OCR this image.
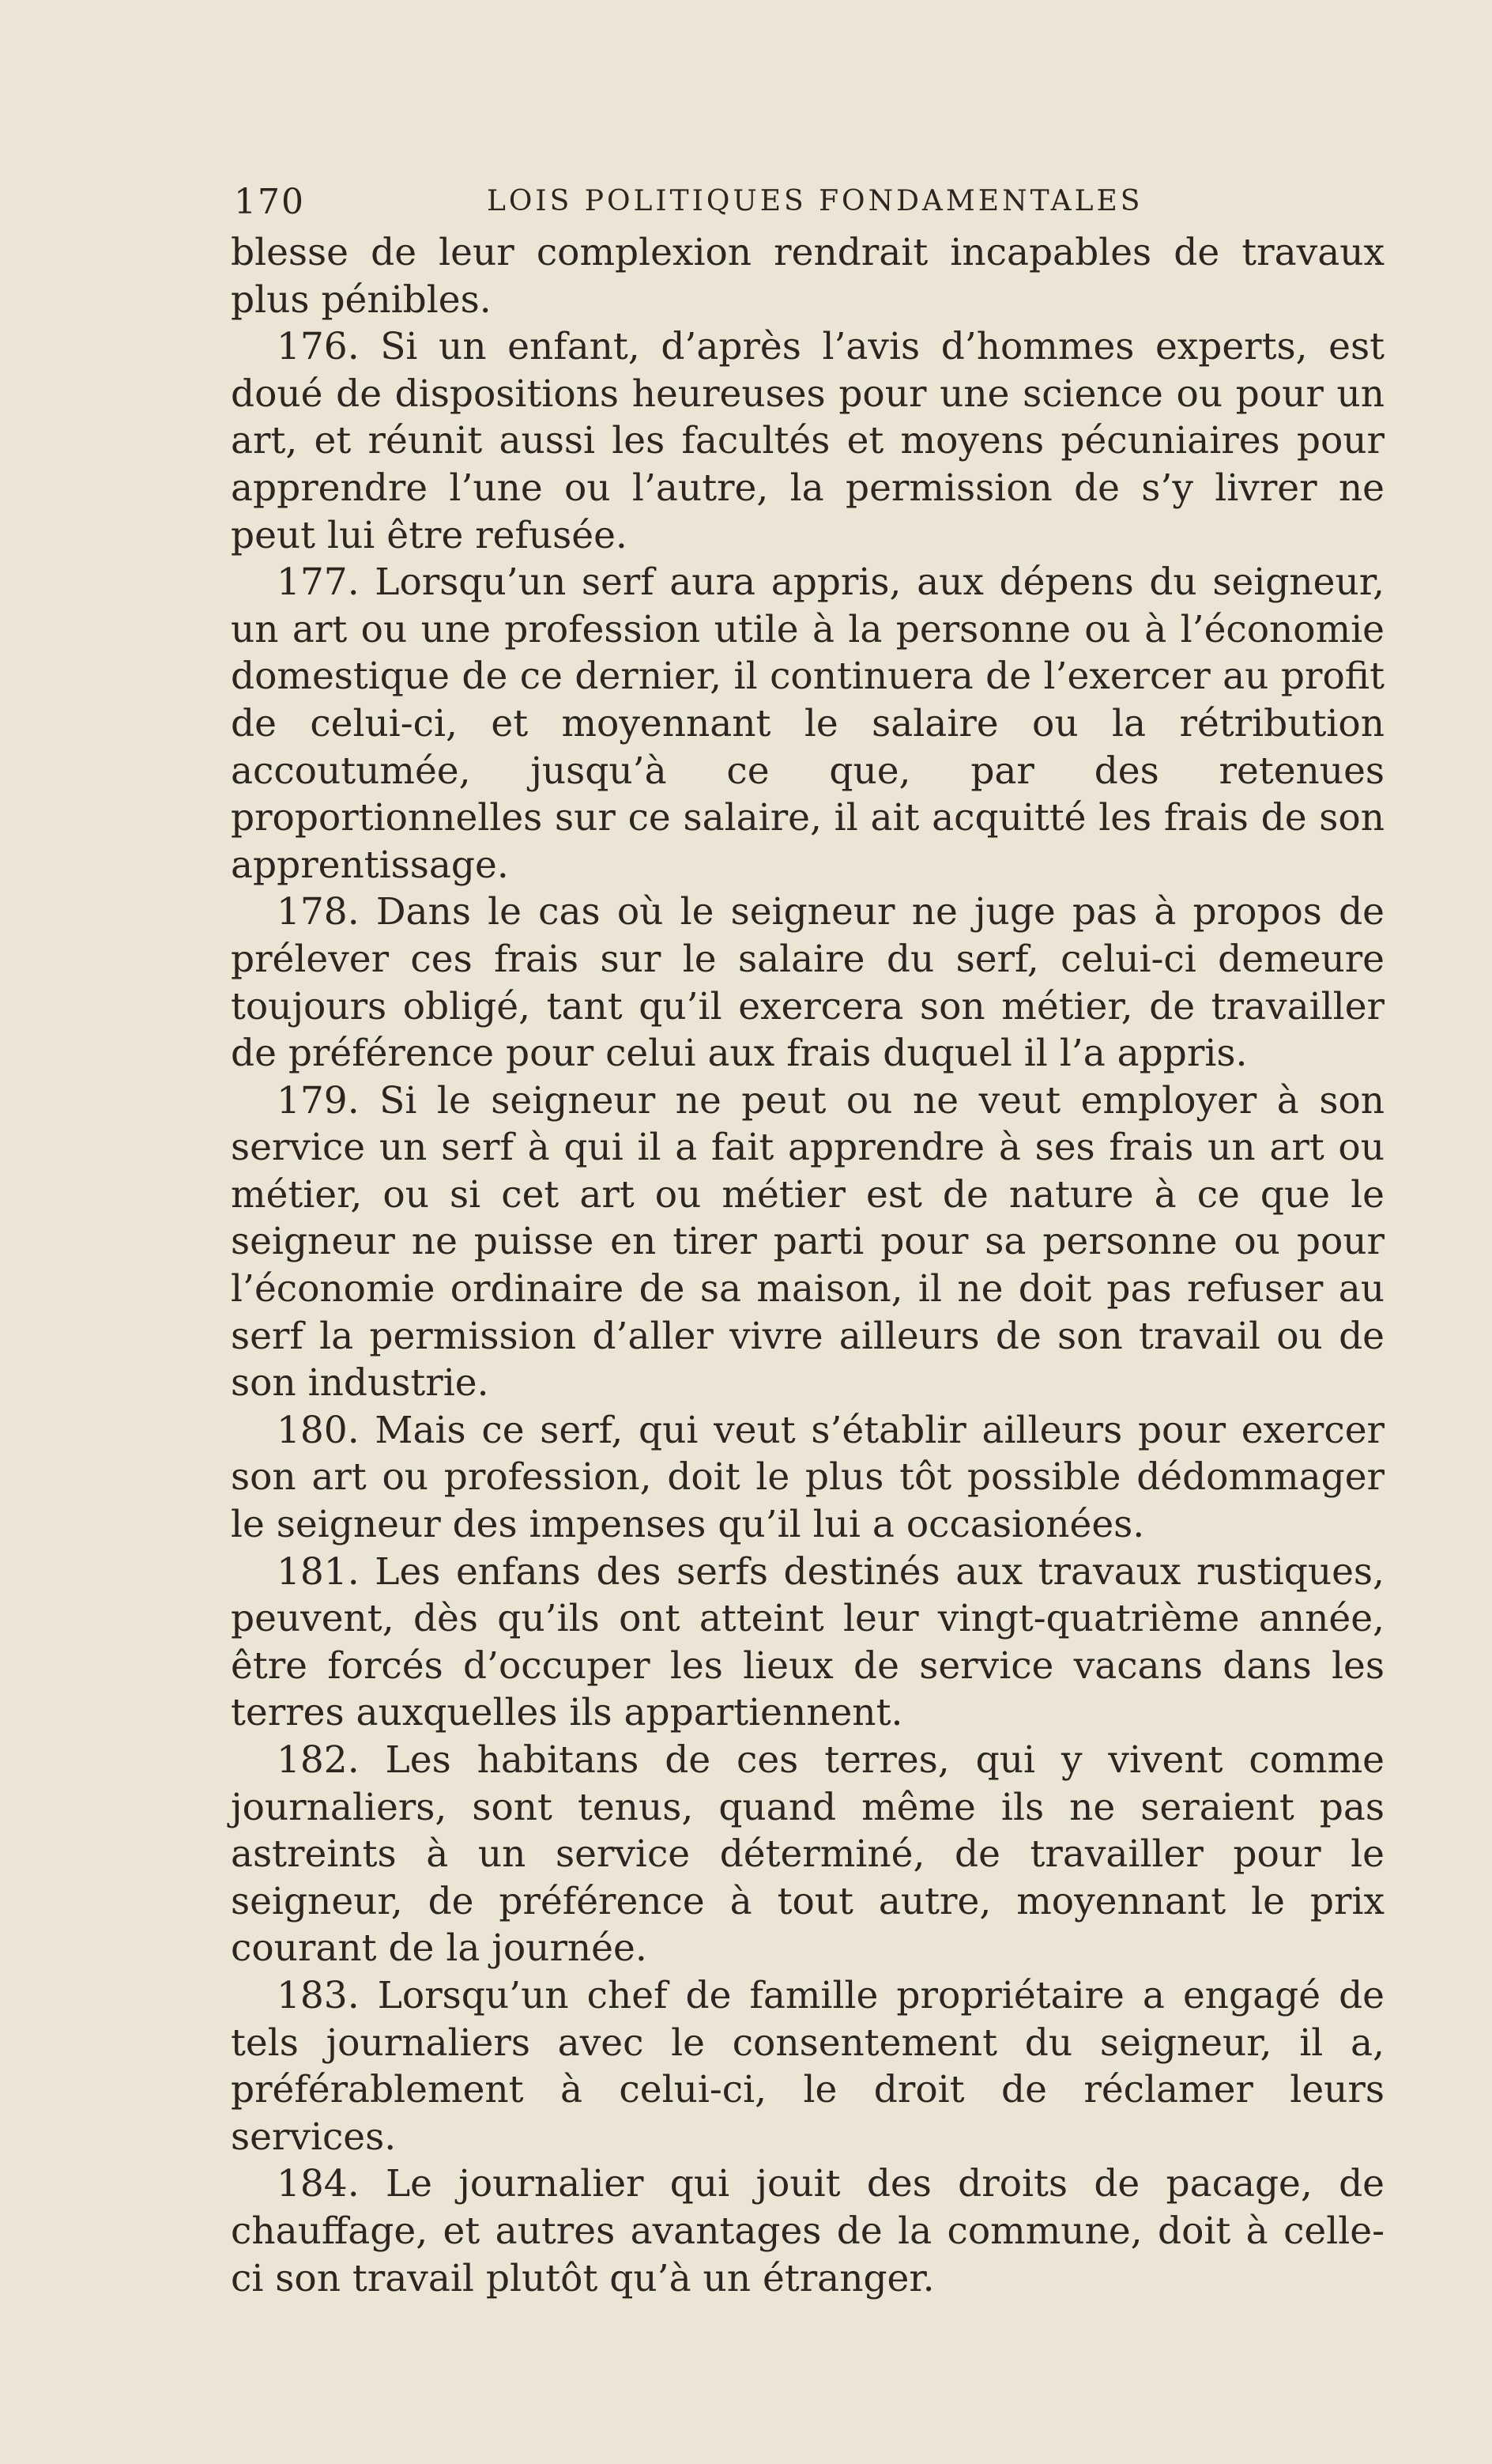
170	LOIS POLITIQUES FONDAMENTALES

blesse de leur complexion rendrait incapables de travaux plus pénibles.

176. Si un enfant, d’après l’avis d’hommes experts, est doué de dispositions heureuses pour une science ou pour un art, et réunit aussi les facultés et moyens pécuniaires pour apprendre l’une ou l’autre, la permission de s’y livrer ne peut lui être refusée.

177. Lorsqu’un serf aura appris, aux dépens du seigneur, un art ou une profession utile à la personne ou à l’économie domestique de ce dernier, il continuera de l’exercer au profit de celui-ci, et moyennant le salaire ou la rétribution accoutumée, jusqu’à ce que, par des retenues proportionnelles sur ce salaire, il ait acquitté les frais de son apprentissage.

178. Dans le cas où le seigneur ne juge pas à propos de prélever ces frais sur le salaire du serf, celui-ci demeure toujours obligé, tant qu’il exercera son métier, de travailler de préférence pour celui aux frais duquel il l’a appris.

179. Si le seigneur ne peut ou ne veut employer à son service un serf à qui il a fait apprendre à ses frais un art ou métier, ou si cet art ou métier est de nature à ce que le seigneur ne puisse en tirer parti pour sa personne ou pour l’économie ordinaire de sa maison, il ne doit pas refuser au serf la permission d’aller vivre ailleurs de son travail ou de son industrie.

180. Mais ce serf, qui veut s’établir ailleurs pour exercer son art ou profession, doit le plus tôt possible dédommager le seigneur des impenses qu’il lui a occasionées.

181. Les enfans des serfs destinés aux travaux rustiques, peuvent, dès qu’ils ont atteint leur vingt-quatrième année, être forcés d’occuper les lieux de service vacans dans les terres auxquelles ils appartiennent.

182. Les habitans de ces terres, qui y vivent comme journaliers, sont tenus, quand même ils ne seraient pas astreints à un service déterminé, de travailler pour le seigneur, de préférence à tout autre, moyennant le prix courant de la journée.

183. Lorsqu’un chef de famille propriétaire a engagé de tels journaliers avec le consentement du seigneur, il a, préférablement à celui-ci, le droit de réclamer leurs services.

184. Le journalier qui jouit des droits de pacage, de chauffage, et autres avantages de la commune, doit à celle-ci son travail plutôt qu’à un étranger.
